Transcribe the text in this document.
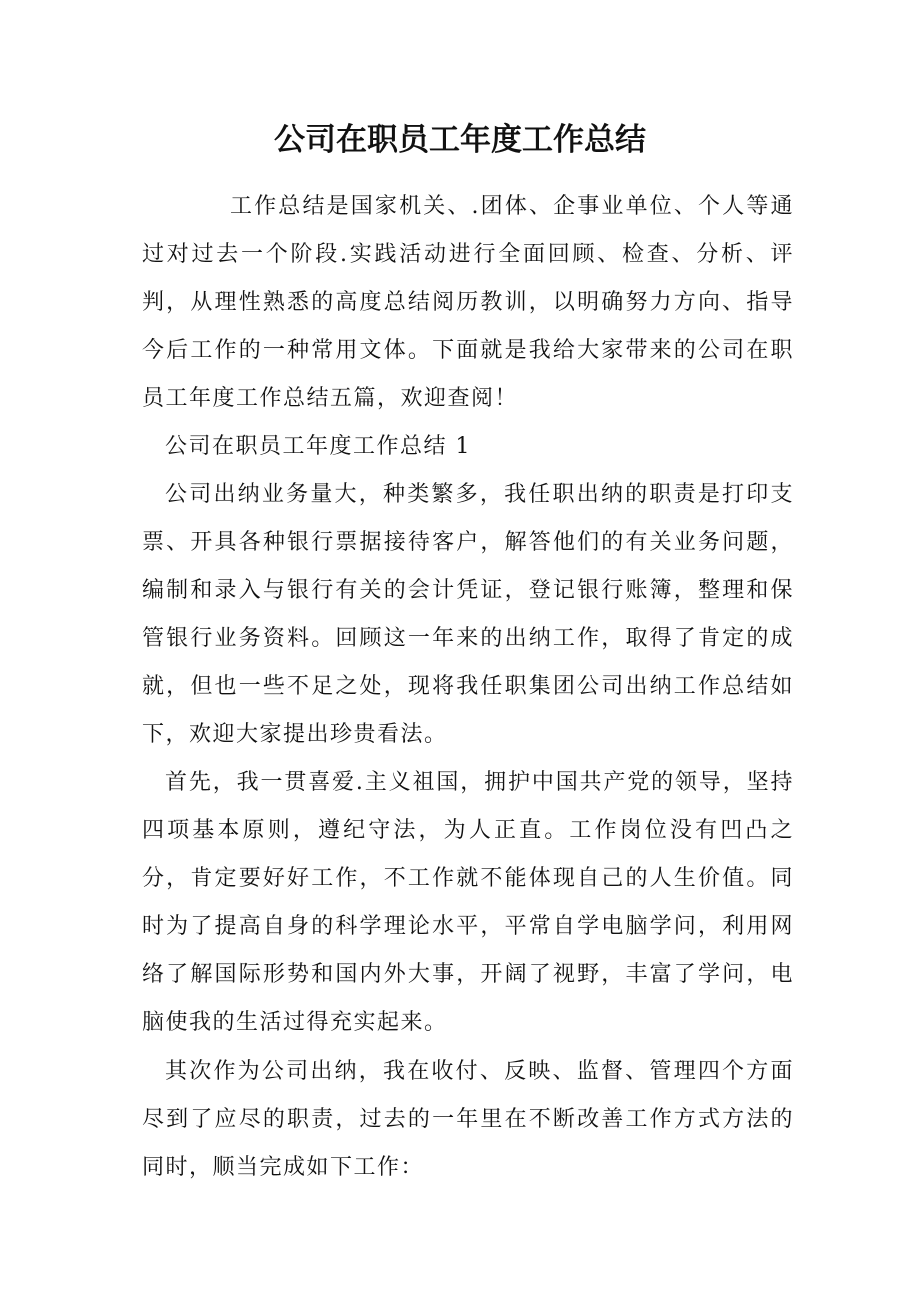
公司在职员工年度工作总结

工作总结是国家机关、.团体、企事业单位、个人等通过对过去一个阶段.实践活动进行全面回顾、检查、分析、评判，从理性熟悉的高度总结阅历教训，以明确努力方向、指导今后工作的一种常用文体。下面就是我给大家带来的公司在职员工年度工作总结五篇，欢迎查阅！

公司在职员工年度工作总结 1

公司出纳业务量大，种类繁多，我任职出纳的职责是打印支票、开具各种银行票据接待客户，解答他们的有关业务问题，编制和录入与银行有关的会计凭证，登记银行账簿，整理和保管银行业务资料。回顾这一年来的出纳工作，取得了肯定的成就，但也一些不足之处，现将我任职集团公司出纳工作总结如下，欢迎大家提出珍贵看法。

首先，我一贯喜爱.主义祖国，拥护中国共产党的领导，坚持四项基本原则，遵纪守法，为人正直。工作岗位没有凹凸之分，肯定要好好工作，不工作就不能体现自己的人生价值。同时为了提高自身的科学理论水平，平常自学电脑学问，利用网络了解国际形势和国内外大事，开阔了视野，丰富了学问，电脑使我的生活过得充实起来。

其次作为公司出纳，我在收付、反映、监督、管理四个方面尽到了应尽的职责，过去的一年里在不断改善工作方式方法的同时，顺当完成如下工作：
